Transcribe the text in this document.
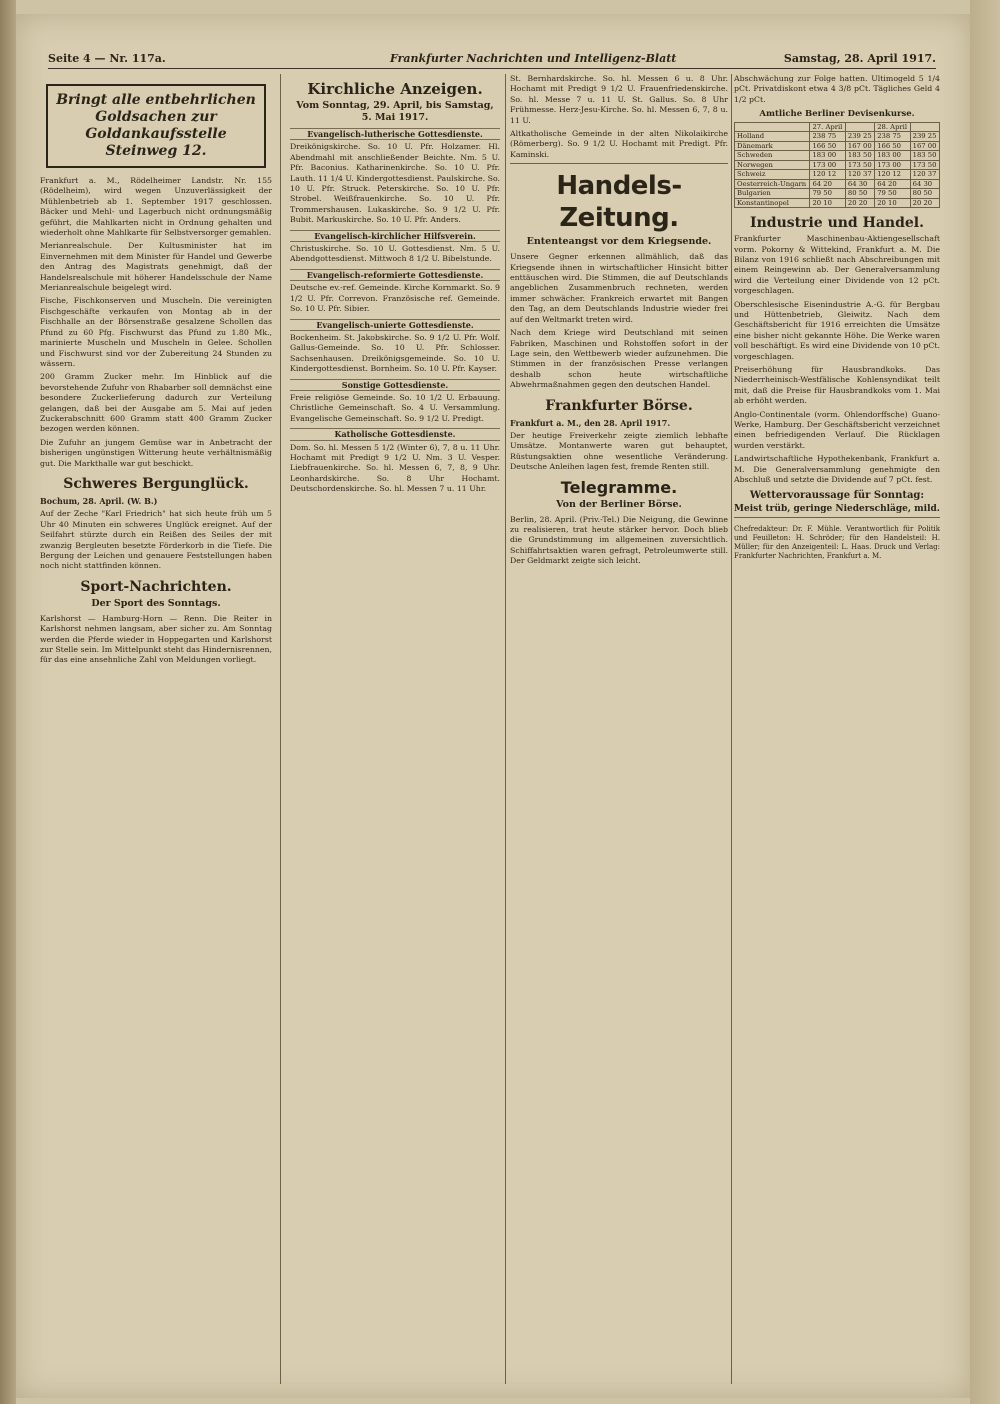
Seite 4 — Nr. 117a.	Frankfurter Nachrichten und Intelligenz-Blatt	Samstag, 28. April 1917.
Bringt alle entbehrlichen Goldsachen zur Goldankaufsstelle Steinweg 12.

Frankfurt a. M., Rödelheimer Landstr. Nr. 155 (Rödelheim), wird wegen Unzuverlässigkeit der Mühlenbetrieb ab 1. September 1917 geschlossen. Bäcker und Mehl- und Lagerbuch nicht ordnungsmäßig geführt, die Mahlkarten nicht in Ordnung gehalten und wiederholt ohne Mahlkarte für Selbstversorger gemahlen.

Merianrealschule. Der Kultusminister hat im Einvernehmen mit dem Minister für Handel und Gewerbe den Antrag des Magistrats genehmigt, daß der Handelsrealschule mit höherer Handelsschule der Name Merianrealschule beigelegt wird.

Fische, Fischkonserven und Muscheln. Die vereinigten Fischgeschäfte verkaufen von Montag ab in der Fischhalle an der Börsenstraße gesalzene Schollen das Pfund zu 60 Pfg. Fischwurst das Pfund zu 1.80 Mk., marinierte Muscheln und Muscheln in Gelee. Schollen und Fischwurst sind vor der Zubereitung 24 Stunden zu wässern.

200 Gramm Zucker mehr. Im Hinblick auf die bevorstehende Zufuhr von Rhabarber soll demnächst eine besondere Zuckerlieferung dadurch zur Verteilung gelangen, daß bei der Ausgabe am 5. Mai auf jeden Zuckerabschnitt 600 Gramm statt 400 Gramm Zucker bezogen werden können.

Die Zufuhr an jungem Gemüse war in Anbetracht der bisherigen ungünstigen Witterung heute verhältnismäßig gut. Die Markthalle war gut beschickt.

Schweres Bergunglück.
Bochum, 28. April. (W. B.)

Auf der Zeche "Karl Friedrich" hat sich heute früh um 5 Uhr 40 Minuten ein schweres Unglück ereignet. Auf der Seilfahrt stürzte durch ein Reißen des Seiles der mit zwanzig Bergleuten besetzte Förderkorb in die Tiefe. Die Bergung der Leichen und genauere Feststellungen haben noch nicht stattfinden können.

Sport-Nachrichten.
Der Sport des Sonntags.

Karlshorst — Hamburg-Horn — Renn. Die Reiter in Karlshorst nehmen langsam, aber sicher zu. Am Sonntag werden die Pferde wieder in Hoppegarten und Karlshorst zur Stelle sein. Im Mittelpunkt steht das Hindernisrennen, für das eine ansehnliche Zahl von Meldungen vorliegt.

Kirchliche Anzeigen.
Vom Sonntag, 29. April, bis Samstag, 5. Mai 1917.
Evangelisch-lutherische Gottesdienste.

Dreikönigskirche. So. 10 U. Pfr. Holzamer. Hl. Abendmahl mit anschließender Beichte. Nm. 5 U. Pfr. Baconius. Katharinenkirche. So. 10 U. Pfr. Lauth. 11 1/4 U. Kindergottesdienst. Paulskirche. So. 10 U. Pfr. Struck. Peterskirche. So. 10 U. Pfr. Strobel. Weißfrauenkirche. So. 10 U. Pfr. Trommershausen. Lukaskirche. So. 9 1/2 U. Pfr. Bubit. Markuskirche. So. 10 U. Pfr. Anders.

Evangelisch-kirchlicher Hilfsverein.

Christuskirche. So. 10 U. Gottesdienst. Nm. 5 U. Abendgottesdienst. Mittwoch 8 1/2 U. Bibelstunde.

Evangelisch-reformierte Gottesdienste.

Deutsche ev.-ref. Gemeinde. Kirche Kornmarkt. So. 9 1/2 U. Pfr. Correvon. Französische ref. Gemeinde. So. 10 U. Pfr. Sibier.

Evangelisch-unierte Gottesdienste.

Bockenheim. St. Jakobskirche. So. 9 1/2 U. Pfr. Wolf. Gallus-Gemeinde. So. 10 U. Pfr. Schlosser. Sachsenhausen. Dreikönigsgemeinde. So. 10 U. Kindergottesdienst. Bornheim. So. 10 U. Pfr. Kayser.

Sonstige Gottesdienste.

Freie religiöse Gemeinde. So. 10 1/2 U. Erbauung. Christliche Gemeinschaft. So. 4 U. Versammlung. Evangelische Gemeinschaft. So. 9 1/2 U. Predigt.

Katholische Gottesdienste.

Dom. So. hl. Messen 5 1/2 (Winter 6), 7, 8 u. 11 Uhr. Hochamt mit Predigt 9 1/2 U. Nm. 3 U. Vesper. Liebfrauenkirche. So. hl. Messen 6, 7, 8, 9 Uhr. Leonhardskirche. So. 8 Uhr Hochamt. Deutschordenskirche. So. hl. Messen 7 u. 11 Uhr.

St. Bernhardskirche. So. hl. Messen 6 u. 8 Uhr. Hochamt mit Predigt 9 1/2 U. Frauenfriedenskirche. So. hl. Messe 7 u. 11 U. St. Gallus. So. 8 Uhr Frühmesse. Herz-Jesu-Kirche. So. hl. Messen 6, 7, 8 u. 11 U.

Altkatholische Gemeinde in der alten Nikolaikirche (Römerberg). So. 9 1/2 U. Hochamt mit Predigt. Pfr. Kaminski.

Handels-Zeitung.
Ententeangst vor dem Kriegsende.

Unsere Gegner erkennen allmählich, daß das Kriegsende ihnen in wirtschaftlicher Hinsicht bitter enttäuschen wird. Die Stimmen, die auf Deutschlands angeblichen Zusammenbruch rechneten, werden immer schwächer. Frankreich erwartet mit Bangen den Tag, an dem Deutschlands Industrie wieder frei auf den Weltmarkt treten wird.

Nach dem Kriege wird Deutschland mit seinen Fabriken, Maschinen und Rohstoffen sofort in der Lage sein, den Wettbewerb wieder aufzunehmen. Die Stimmen in der französischen Presse verlangen deshalb schon heute wirtschaftliche Abwehrmaßnahmen gegen den deutschen Handel.

Frankfurter Börse.
Frankfurt a. M., den 28. April 1917.

Der heutige Freiverkehr zeigte ziemlich lebhafte Umsätze. Montanwerte waren gut behauptet, Rüstungsaktien ohne wesentliche Veränderung. Deutsche Anleihen lagen fest, fremde Renten still.

Telegramme.
Von der Berliner Börse.

Berlin, 28. April. (Priv.-Tel.) Die Neigung, die Gewinne zu realisieren, trat heute stärker hervor. Doch blieb die Grundstimmung im allgemeinen zuversichtlich. Schiffahrtsaktien waren gefragt, Petroleumwerte still. Der Geldmarkt zeigte sich leicht.

Abschwächung zur Folge hatten. Ultimogeld 5 1/4 pCt. Privatdiskont etwa 4 3/8 pCt. Tägliches Geld 4 1/2 pCt.

Amtliche Berliner Devisenkurse.
	27. April		28. April	
Holland	238 75	239 25	238 75	239 25
Dänemark	166 50	167 00	166 50	167 00
Schweden	183 00	183 50	183 00	183 50
Norwegen	173 00	173 50	173 00	173 50
Schweiz	120 12	120 37	120 12	120 37
Oesterreich-Ungarn	64 20	64 30	64 20	64 30
Bulgarien	79 50	80 50	79 50	80 50
Konstantinopel	20 10	20 20	20 10	20 20
Industrie und Handel.

Frankfurter Maschinenbau-Aktiengesellschaft vorm. Pokorny & Wittekind, Frankfurt a. M. Die Bilanz von 1916 schließt nach Abschreibungen mit einem Reingewinn ab. Der Generalversammlung wird die Verteilung einer Dividende von 12 pCt. vorgeschlagen.

Oberschlesische Eisenindustrie A.-G. für Bergbau und Hüttenbetrieb, Gleiwitz. Nach dem Geschäftsbericht für 1916 erreichten die Umsätze eine bisher nicht gekannte Höhe. Die Werke waren voll beschäftigt. Es wird eine Dividende von 10 pCt. vorgeschlagen.

Preiserhöhung für Hausbrandkoks. Das Niederrheinisch-Westfälische Kohlensyndikat teilt mit, daß die Preise für Hausbrandkoks vom 1. Mai ab erhöht werden.

Anglo-Continentale (vorm. Ohlendorffsche) Guano-Werke, Hamburg. Der Geschäftsbericht verzeichnet einen befriedigenden Verlauf. Die Rücklagen wurden verstärkt.

Landwirtschaftliche Hypothekenbank, Frankfurt a. M. Die Generalversammlung genehmigte den Abschluß und setzte die Dividende auf 7 pCt. fest.

Wettervoraussage für Sonntag:
Meist trüb, geringe Niederschläge, mild.

Chefredakteur: Dr. F. Mühle. Verantwortlich für Politik und Feuilleton: H. Schröder; für den Handelsteil: H. Müller; für den Anzeigenteil: L. Haas. Druck und Verlag: Frankfurter Nachrichten, Frankfurt a. M.
